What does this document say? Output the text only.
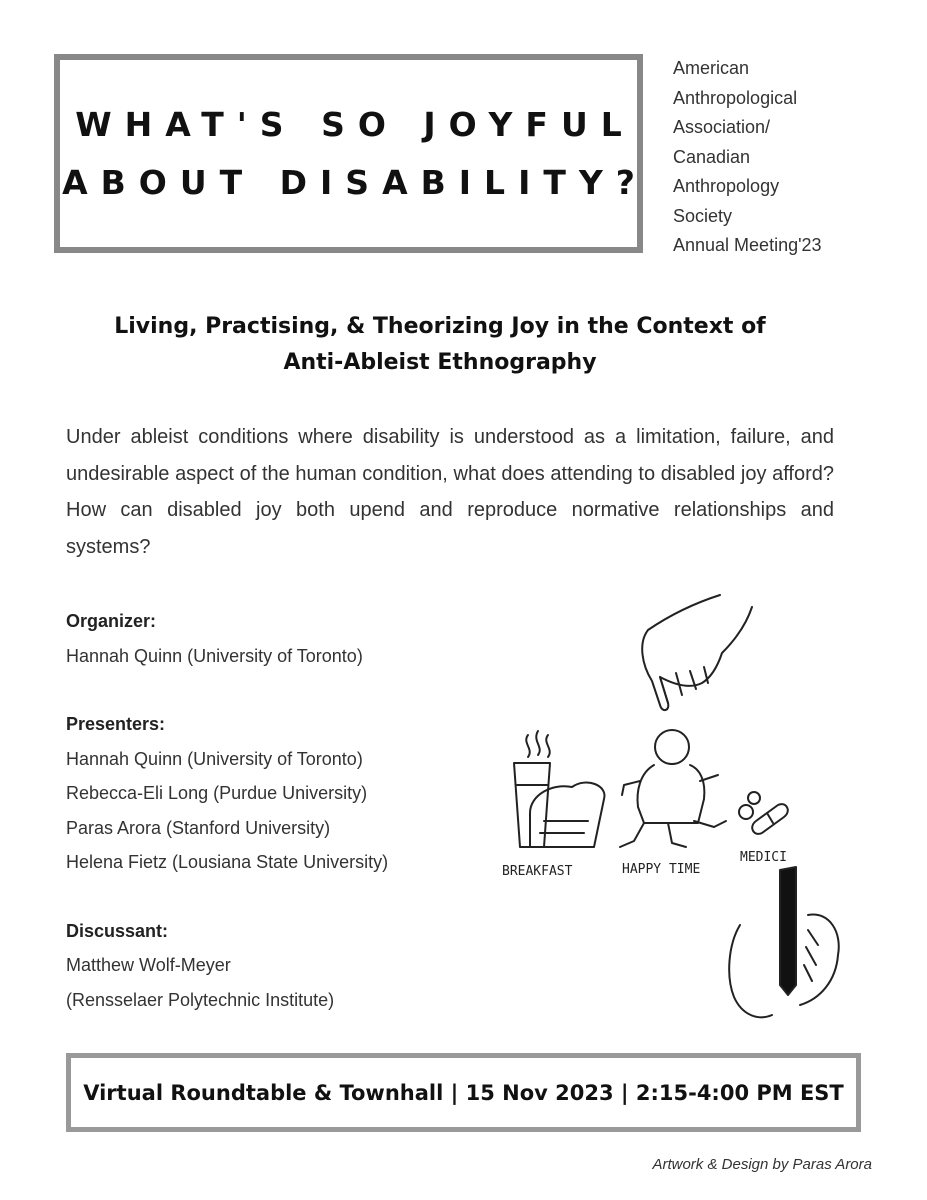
WHAT'S SO JOYFUL
ABOUT DISABILITY?
American
Anthropological
Association/
Canadian
Anthropology
Society
Annual Meeting'23
Living, Practising, & Theorizing Joy in the Context of
Anti-Ableist Ethnography
Under ableist conditions where disability is understood as a limitation, failure, and undesirable aspect of the human condition, what does attending to disabled joy afford? How can disabled joy both upend and reproduce normative relationships and systems?
Organizer:
Hannah Quinn (University of Toronto)
Presenters:
Hannah Quinn (University of Toronto)
Rebecca-Eli Long (Purdue University)
Paras Arora (Stanford University)
Helena Fietz (Lousiana State University)
Discussant:
Matthew Wolf-Meyer
(Rensselaer Polytechnic Institute)
BREAKFAST	HAPPY TIME
MEDICI
Virtual Roundtable & Townhall | 15 Nov 2023 | 2:15-4:00 PM EST
Artwork & Design by Paras Arora
